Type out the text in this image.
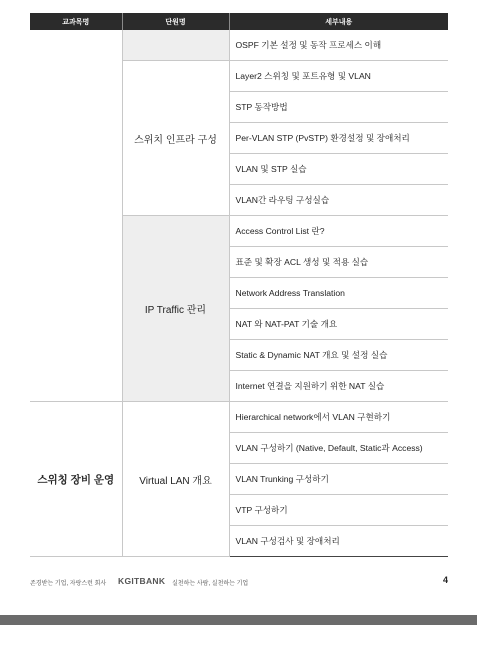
교과목명	단원명	세부내용
		OSPF 기본 설정 및 동작 프로세스 이해
	스위치 인프라 구성	Layer2 스위칭 및 포트유형 및 VLAN
		STP 동작방법
		Per-VLAN STP (PvSTP) 환경설정 및 장애처리
		VLAN 및 STP 실습
		VLAN간 라우팅 구성실습
	IP Traffic 관리	Access Control List 란?
		표준 및 확장 ACL 생성 및 적용 실습
		Network Address Translation
		NAT 와 NAT-PAT 기술 개요
		Static & Dynamic NAT 개요 및 설정 실습
		Internet 연결을 지원하기 위한 NAT 실습
스위칭 장비 운영	Virtual LAN 개요	Hierarchical network에서 VLAN 구현하기
		VLAN 구성하기 (Native, Default, Static과 Access)
		VLAN Trunking 구성하기
		VTP 구성하기
		VLAN 구성검사 및 장애처리
존경받는 기업, 자랑스런 회사 KGITBANK 실천하는 사람, 실천하는 기업	4
